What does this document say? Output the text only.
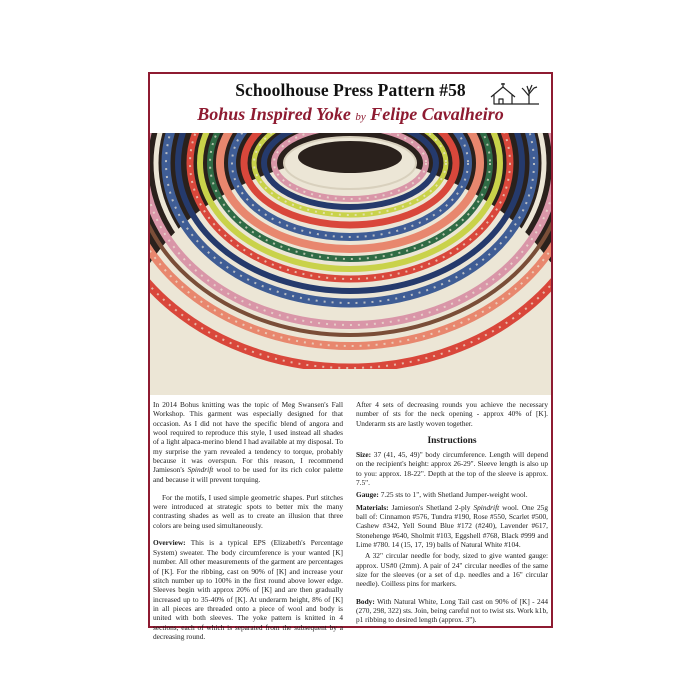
Schoolhouse Press Pattern #58
Bohus Inspired Yoke by Felipe Cavalheiro

In 2014 Bohus knitting was the topic of Meg Swansen's Fall Workshop. This garment was especially designed for that occasion. As I did not have the specific blend of angora and wool required to reproduce this style, I used instead all shades of a light alpaca-merino blend I had available at my disposal. To my surprise the yarn revealed a tendency to torque, probably because it was overspun. For this reason, I recommend Jamieson's Spindrift wool to be used for its rich color palette and because it will prevent torquing.

For the motifs, I used simple geometric shapes. Purl stitches were introduced at strategic spots to better mix the many contrasting shades as well as to create an illusion that three colors are being used simultaneously.

Overview: This is a typical EPS (Elizabeth's Percentage System) sweater. The body circumference is your wanted [K] number. All other measurements of the garment are percentages of [K]. For the ribbing, cast on 90% of [K] and increase your stitch number up to 100% in the first round above lower edge. Sleeves begin with approx 20% of [K] and are then gradually increased up to 35-40% of [K]. At underarm height, 8% of [K] in all pieces are threaded onto a piece of wool and body is united with both sleeves. The yoke pattern is knitted in 4 sections, each of which is separated from the subsequent by a decreasing round.

After 4 sets of decreasing rounds you achieve the necessary number of sts for the neck opening - approx 40% of [K]. Underarm sts are lastly woven together.

Instructions

Size: 37 (41, 45, 49)" body circumference. Length will depend on the recipient's height: approx 26-29". Sleeve length is also up to you: approx. 18-22". Depth at the top of the sleeve is approx. 7.5".

Gauge: 7.25 sts to 1", with Shetland Jumper-weight wool.

Materials: Jamieson's Shetland 2-ply Spindrift wool. One 25g ball of: Cinnamon #576, Tundra #190, Rose #550, Scarlet #500, Cashew #342, Yell Sound Blue #172 (#240), Lavender #617, Stonehenge #640, Sholmit #103, Eggshell #768, Black #999 and Lime #780. 14 (15, 17, 19) balls of Natural White #104.

A 32" circular needle for body, sized to give wanted gauge: approx. US#0 (2mm). A pair of 24" circular needles of the same size for the sleeves (or a set of d.p. needles and a 16" circular needle). Coilless pins for markers.

Body: With Natural White, Long Tail cast on 90% of [K] - 244 (270, 298, 322) sts. Join, being careful not to twist sts. Work k1b, p1 ribbing to desired length (approx. 3").
